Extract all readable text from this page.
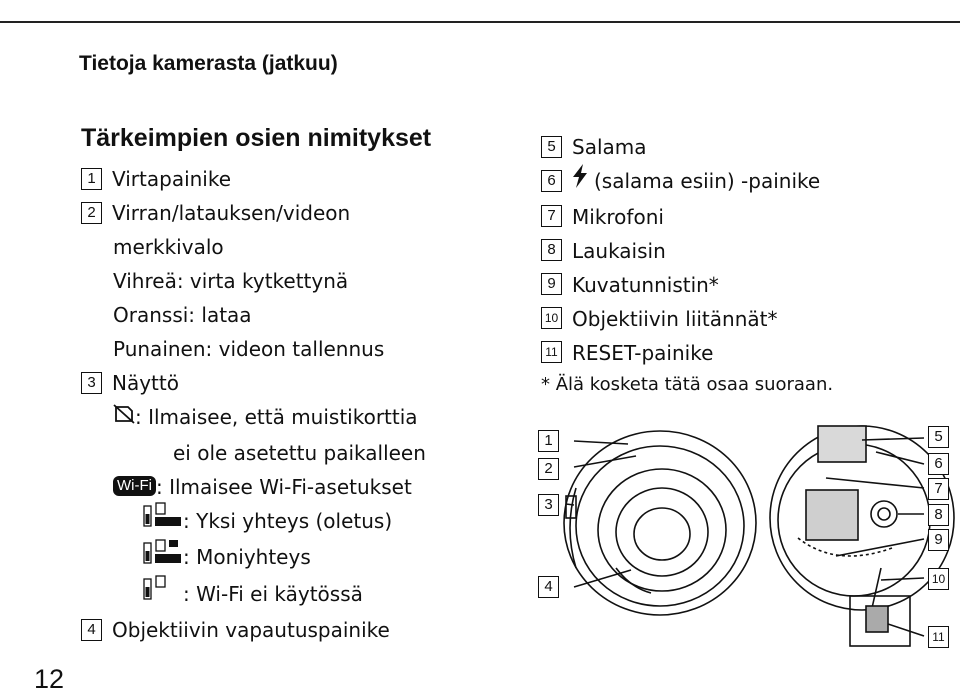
Tietoja kamerasta (jatkuu)
12
Tärkeimpien osien nimitykset
1 Virtapainike
2 Virran/latauksen/videon
merkkivalo
Vihreä: virta kytkettynä
Oranssi: lataa
Punainen: videon tallennus
3 Näyttö
: Ilmaisee, että muistikorttia
ei ole asetettu paikalleen
Wi-Fi : Ilmaisee Wi-Fi-asetukset
: Yksi yhteys (oletus)
: Moniyhteys
: Wi-Fi ei käytössä
4 Objektiivin vapautuspainike
5 Salama
6 (salama esiin) -painike
7 Mikrofoni
8 Laukaisin
9 Kuvatunnistin*
10 Objektiivin liitännät*
11 RESET-painike
* Älä kosketa tätä osaa suoraan.
1
2
3
4
5
6
7
8
9
10
11
